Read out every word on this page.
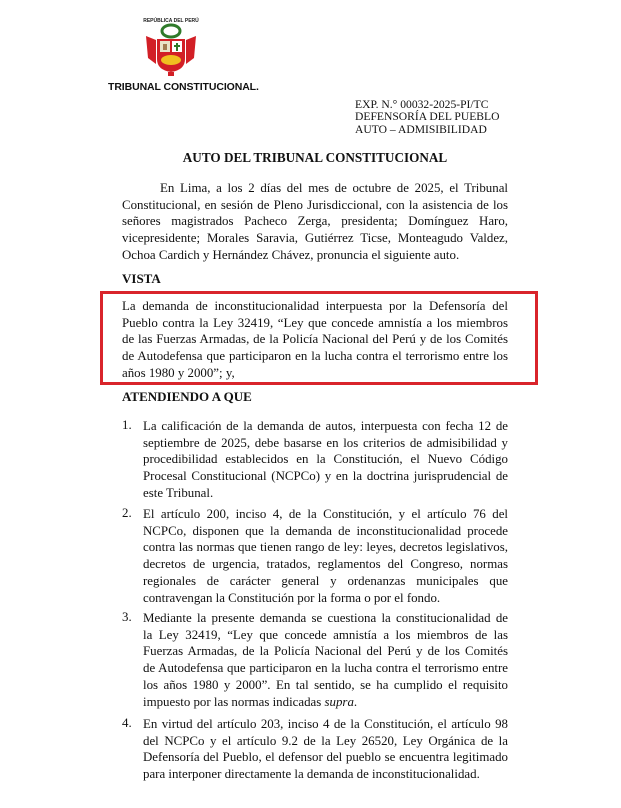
REPÚBLICA DEL PERÚ
TRIBUNAL CONSTITUCIONAL.
EXP. N.° 00032-2025-PI/TC
DEFENSORÍA DEL PUEBLO
AUTO – ADMISIBILIDAD
AUTO DEL TRIBUNAL CONSTITUCIONAL
En Lima, a los 2 días del mes de octubre de 2025, el Tribunal
Constitucional, en sesión de Pleno Jurisdiccional, con la asistencia de los
señores magistrados Pacheco Zerga, presidenta; Domínguez Haro,
vicepresidente; Morales Saravia, Gutiérrez Ticse, Monteagudo Valdez,
Ochoa Cardich y Hernández Chávez, pronuncia el siguiente auto.
VISTA
La demanda de inconstitucionalidad interpuesta por la Defensoría del
Pueblo contra la Ley 32419, “Ley que concede amnistía a los miembros
de las Fuerzas Armadas, de la Policía Nacional del Perú y de los Comités
de Autodefensa que participaron en la lucha contra el terrorismo entre los
años 1980 y 2000”; y,
ATENDIENDO A QUE
1. La calificación de la demanda de autos, interpuesta con fecha 12 de
septiembre de 2025, debe basarse en los criterios de admisibilidad y
procedibilidad establecidos en la Constitución, el Nuevo Código
Procesal Constitucional (NCPCo) y en la doctrina jurisprudencial de
este Tribunal.
2. El artículo 200, inciso 4, de la Constitución, y el artículo 76 del
NCPCo, disponen que la demanda de inconstitucionalidad procede
contra las normas que tienen rango de ley: leyes, decretos legislativos,
decretos de urgencia, tratados, reglamentos del Congreso, normas
regionales de carácter general y ordenanzas municipales que
contravengan la Constitución por la forma o por el fondo.
3. Mediante la presente demanda se cuestiona la constitucionalidad de
la Ley 32419, “Ley que concede amnistía a los miembros de las
Fuerzas Armadas, de la Policía Nacional del Perú y de los Comités
de Autodefensa que participaron en la lucha contra el terrorismo entre
los años 1980 y 2000”. En tal sentido, se ha cumplido el requisito
impuesto por las normas indicadas supra.
4. En virtud del artículo 203, inciso 4 de la Constitución, el artículo 98
del NCPCo y el artículo 9.2 de la Ley 26520, Ley Orgánica de la
Defensoría del Pueblo, el defensor del pueblo se encuentra legitimado
para interponer directamente la demanda de inconstitucionalidad.
